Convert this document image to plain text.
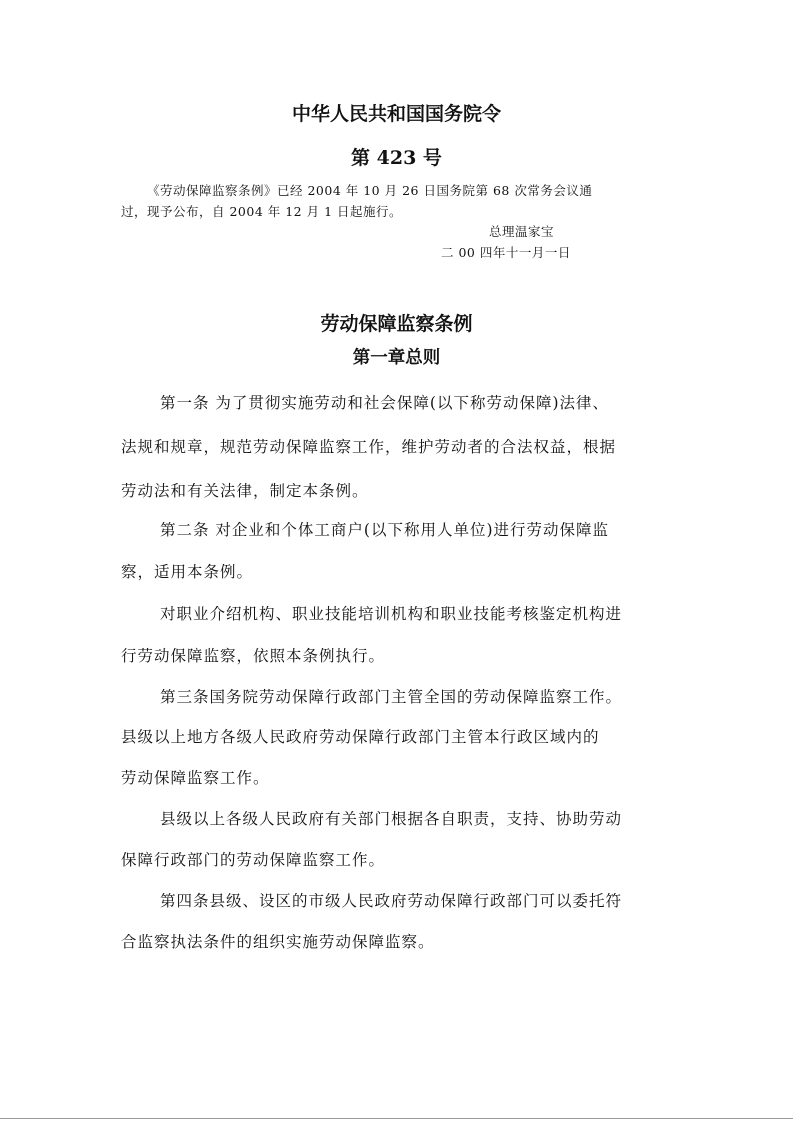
中华人民共和国国务院令
第 423 号
《劳动保障监察条例》已经 2004 年 10 月 26 日国务院第 68 次常务会议通
过，现予公布，自 2004 年 12 月 1 日起施行。
总理温家宝
二 00 四年十一月一日
劳动保障监察条例
第一章总则
第一条 为了贯彻实施劳动和社会保障(以下称劳动保障)法律、
法规和规章，规范劳动保障监察工作，维护劳动者的合法权益，根据
劳动法和有关法律，制定本条例。
第二条 对企业和个体工商户(以下称用人单位)进行劳动保障监
察，适用本条例。
对职业介绍机构、职业技能培训机构和职业技能考核鉴定机构进
行劳动保障监察，依照本条例执行。
第三条国务院劳动保障行政部门主管全国的劳动保障监察工作。
县级以上地方各级人民政府劳动保障行政部门主管本行政区域内的
劳动保障监察工作。
县级以上各级人民政府有关部门根据各自职责，支持、协助劳动
保障行政部门的劳动保障监察工作。
第四条县级、设区的市级人民政府劳动保障行政部门可以委托符
合监察执法条件的组织实施劳动保障监察。
